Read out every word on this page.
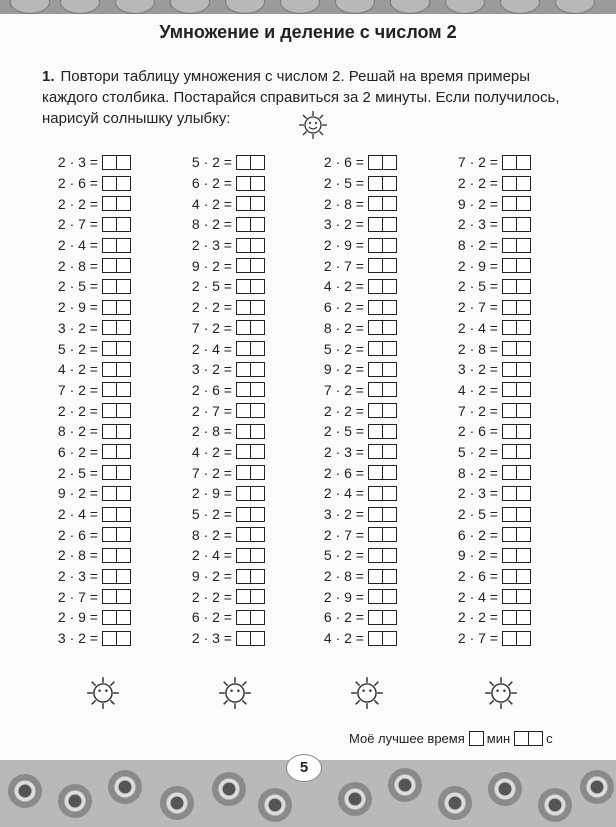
Умножение и деление с числом 2
1. Повтори таблицу умножения с числом 2. Решай на время примеры каждого столбика. Постарайся справиться за 2 минуты. Если получилось, нарисуй солнышку улыбку:
2 · 3 =
2 · 6 =
2 · 2 =
2 · 7 =
2 · 4 =
2 · 8 =
2 · 5 =
2 · 9 =
3 · 2 =
5 · 2 =
4 · 2 =
7 · 2 =
2 · 2 =
8 · 2 =
6 · 2 =
2 · 5 =
9 · 2 =
2 · 4 =
2 · 6 =
2 · 8 =
2 · 3 =
2 · 7 =
2 · 9 =
3 · 2 =
5 · 2 =
6 · 2 =
4 · 2 =
8 · 2 =
2 · 3 =
9 · 2 =
2 · 5 =
2 · 2 =
7 · 2 =
2 · 4 =
3 · 2 =
2 · 6 =
2 · 7 =
2 · 8 =
4 · 2 =
7 · 2 =
2 · 9 =
5 · 2 =
8 · 2 =
2 · 4 =
9 · 2 =
2 · 2 =
6 · 2 =
2 · 3 =
2 · 6 =
2 · 5 =
2 · 8 =
3 · 2 =
2 · 9 =
2 · 7 =
4 · 2 =
6 · 2 =
8 · 2 =
5 · 2 =
9 · 2 =
7 · 2 =
2 · 2 =
2 · 5 =
2 · 3 =
2 · 6 =
2 · 4 =
3 · 2 =
2 · 7 =
5 · 2 =
2 · 8 =
2 · 9 =
6 · 2 =
4 · 2 =
7 · 2 =
2 · 2 =
9 · 2 =
2 · 3 =
8 · 2 =
2 · 9 =
2 · 5 =
2 · 7 =
2 · 4 =
2 · 8 =
3 · 2 =
4 · 2 =
7 · 2 =
2 · 6 =
5 · 2 =
8 · 2 =
2 · 3 =
2 · 5 =
6 · 2 =
9 · 2 =
2 · 6 =
2 · 4 =
2 · 2 =
2 · 7 =
Моё лучшее время мин	с
5
